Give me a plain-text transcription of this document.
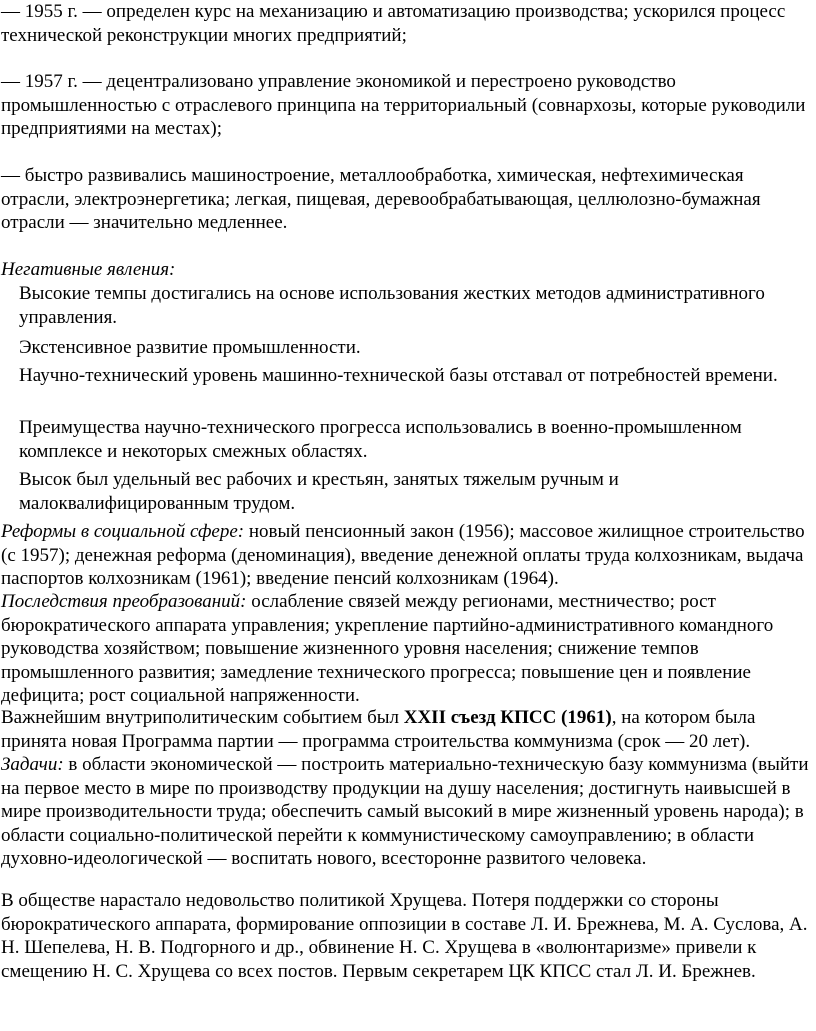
— 1955 г. — определен курс на механизацию и автоматизацию производства; ускорился процесс технической реконструкции многих предприятий;

— 1957 г. — децентрализовано управление экономикой и перестроено руководство промышленностью с отраслевого принципа на территориальный (совнархозы, которые руководили предприятиями на местах);

— быстро развивались машиностроение, металлообработка, химическая, нефтехимическая отрасли, электроэнергетика; легкая, пищевая, деревообрабатывающая, целлюлозно-бумажная отрасли — значительно медленнее.

Негативные явления:

Высокие темпы достигались на основе использования жестких методов административного управления.

Экстенсивное развитие промышленности.

Научно-технический уровень машинно-технической базы отставал от потребностей времени.

Преимущества научно-технического прогресса использовались в военно-промышленном комплексе и некоторых смежных областях.

Высок был удельный вес рабочих и крестьян, занятых тяжелым ручным и малоквалифицированным трудом.

Реформы в социальной сфере: новый пенсионный закон (1956); массовое жилищное строительство (с 1957); денежная реформа (деноминация), введение денежной оплаты труда колхозникам, выдача паспортов колхозникам (1961); введение пенсий колхозникам (1964).

Последствия преобразований: ослабление связей между регионами, местничество; рост бюрократического аппарата управления; укрепление партийно-административного командного руководства хозяйством; повышение жизненного уровня населения; снижение темпов промышленного развития; замедление технического прогресса; повышение цен и появление дефицита; рост социальной напряженности.

Важнейшим внутриполитическим событием был XXII съезд КПСС (1961), на котором была принята новая Программа партии — программа строительства коммунизма (срок — 20 лет). Задачи: в области экономической — построить материально-техническую базу коммунизма (выйти на первое место в мире по производству продукции на душу населения; достигнуть наивысшей в мире производительности труда; обеспечить самый высокий в мире жизненный уровень народа); в области социально-политической перейти к коммунистическому самоуправлению; в области духовно-идеологической — воспитать нового, всесторонне развитого человека.

В обществе нарастало недовольство политикой Хрущева. Потеря поддержки со стороны бюрократического аппарата, формирование оппозиции в составе Л. И. Брежнева, М. А. Суслова, А. Н. Шепелева, Н. В. Подгорного и др., обвинение Н. С. Хрущева в «волюнтаризме» привели к смещению Н. С. Хрущева со всех постов. Первым секретарем ЦК КПСС стал Л. И. Брежнев.
